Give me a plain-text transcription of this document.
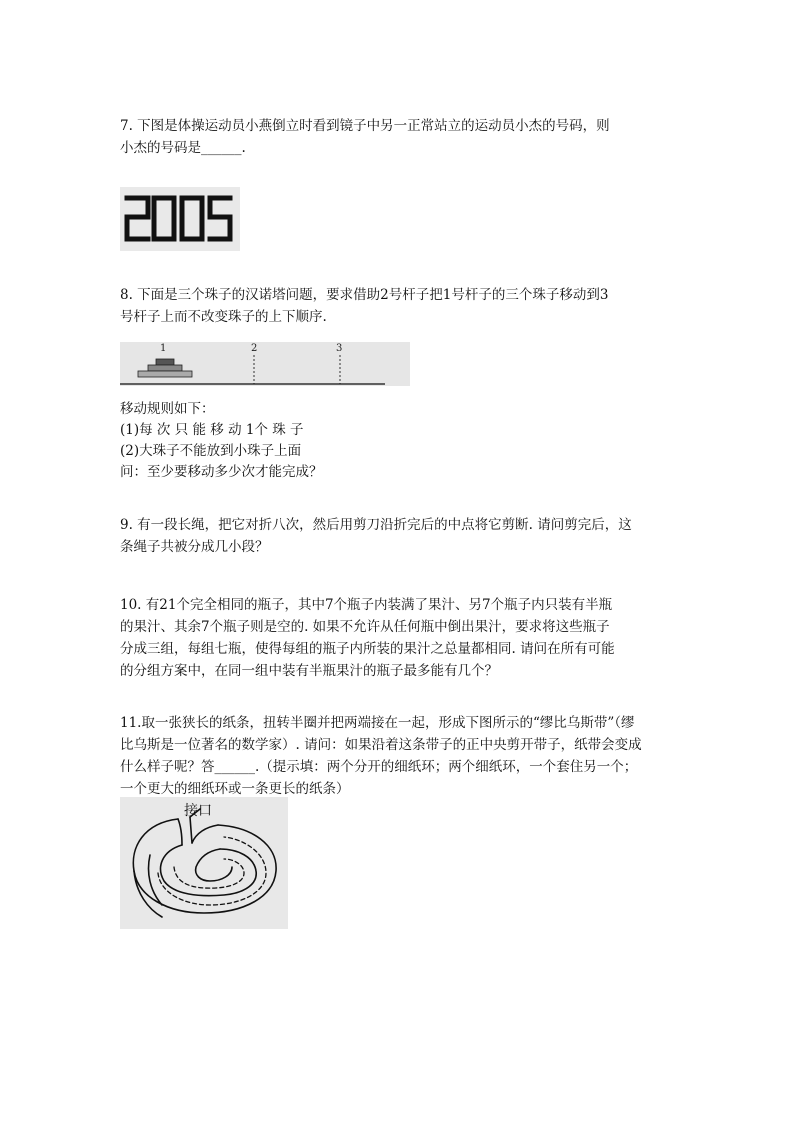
7. 下图是体操运动员小燕倒立时看到镜子中另一正常站立的运动员小杰的号码，则
小杰的号码是______.

8. 下面是三个珠子的汉诺塔问题，要求借助2号杆子把1号杆子的三个珠子移动到3
号杆子上而不改变珠子的上下顺序.

1	2	3

移动规则如下：
(1)每 次 只 能 移 动 1个 珠 子
(2)大珠子不能放到小珠子上面
问：至少要移动多少次才能完成？

9. 有一段长绳，把它对折八次，然后用剪刀沿折完后的中点将它剪断. 请问剪完后，这
条绳子共被分成几小段？

10. 有21个完全相同的瓶子，其中7个瓶子内装满了果汁、另7个瓶子内只装有半瓶
的果汁、其余7个瓶子则是空的. 如果不允许从任何瓶中倒出果汁，要求将这些瓶子
分成三组，每组七瓶，使得每组的瓶子内所装的果汁之总量都相同. 请问在所有可能
的分组方案中，在同一组中装有半瓶果汁的瓶子最多能有几个？

11.取一张狭长的纸条，扭转半圈并把两端接在一起，形成下图所示的“缪比乌斯带”（缪
比乌斯是一位著名的数学家）. 请问：如果沿着这条带子的正中央剪开带子，纸带会变成
什么样子呢？答______.（提示填：两个分开的细纸环；两个细纸环，一个套住另一个；
一个更大的细纸环或一条更长的纸条）

接口
